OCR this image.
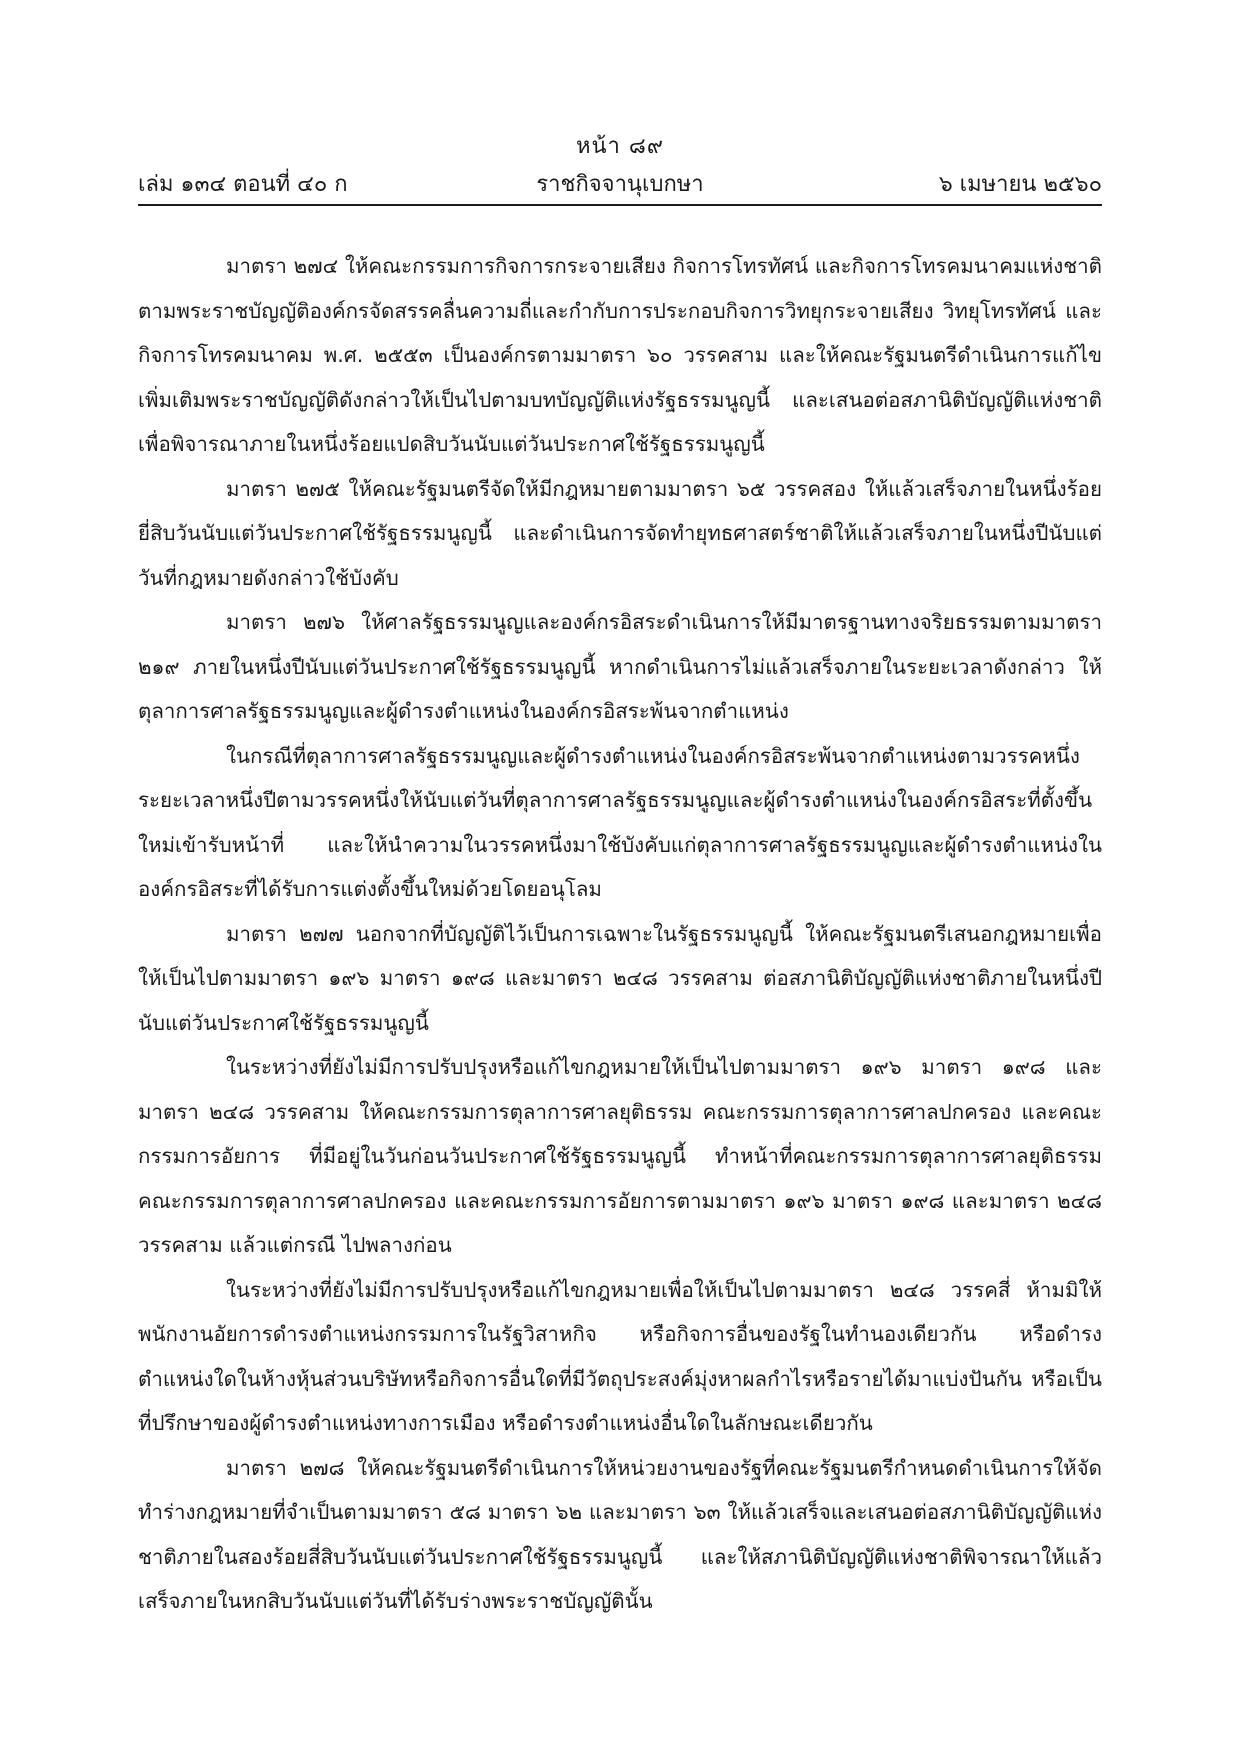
หน้า ๘๙
เล่ม ๑๓๔ ตอนที่ ๔๐ ก	ราชกิจจานุเบกษา	๖ เมษายน ๒๕๖๐

มาตรา ๒๗๔ ให้คณะกรรมการกิจการกระจายเสียง กิจการโทรทัศน์ และกิจการโทรคมนาคมแห่งชาติตามพระราชบัญญัติองค์กรจัดสรรคลื่นความถี่และกำกับการประกอบกิจการวิทยุกระจายเสียง วิทยุโทรทัศน์ และกิจการโทรคมนาคม พ.ศ. ๒๕๕๓ เป็นองค์กรตามมาตรา ๖๐ วรรคสาม และให้คณะรัฐมนตรีดำเนินการแก้ไขเพิ่มเติมพระราชบัญญัติดังกล่าวให้เป็นไปตามบทบัญญัติแห่งรัฐธรรมนูญนี้ และเสนอต่อสภานิติบัญญัติแห่งชาติเพื่อพิจารณาภายในหนึ่งร้อยแปดสิบวันนับแต่วันประกาศใช้รัฐธรรมนูญนี้

มาตรา ๒๗๕ ให้คณะรัฐมนตรีจัดให้มีกฎหมายตามมาตรา ๖๕ วรรคสอง ให้แล้วเสร็จภายในหนึ่งร้อยยี่สิบวันนับแต่วันประกาศใช้รัฐธรรมนูญนี้ และดำเนินการจัดทำยุทธศาสตร์ชาติให้แล้วเสร็จภายในหนึ่งปีนับแต่วันที่กฎหมายดังกล่าวใช้บังคับ

มาตรา ๒๗๖ ให้ศาลรัฐธรรมนูญและองค์กรอิสระดำเนินการให้มีมาตรฐานทางจริยธรรมตามมาตรา ๒๑๙ ภายในหนึ่งปีนับแต่วันประกาศใช้รัฐธรรมนูญนี้ หากดำเนินการไม่แล้วเสร็จภายในระยะเวลาดังกล่าว ให้ตุลาการศาลรัฐธรรมนูญและผู้ดำรงตำแหน่งในองค์กรอิสระพ้นจากตำแหน่ง

ในกรณีที่ตุลาการศาลรัฐธรรมนูญและผู้ดำรงตำแหน่งในองค์กรอิสระพ้นจากตำแหน่งตามวรรคหนึ่ง ระยะเวลาหนึ่งปีตามวรรคหนึ่งให้นับแต่วันที่ตุลาการศาลรัฐธรรมนูญและผู้ดำรงตำแหน่งในองค์กรอิสระที่ตั้งขึ้นใหม่เข้ารับหน้าที่ และให้นำความในวรรคหนึ่งมาใช้บังคับแก่ตุลาการศาลรัฐธรรมนูญและผู้ดำรงตำแหน่งในองค์กรอิสระที่ได้รับการแต่งตั้งขึ้นใหม่ด้วยโดยอนุโลม

มาตรา ๒๗๗ นอกจากที่บัญญัติไว้เป็นการเฉพาะในรัฐธรรมนูญนี้ ให้คณะรัฐมนตรีเสนอกฎหมายเพื่อให้เป็นไปตามมาตรา ๑๙๖ มาตรา ๑๙๘ และมาตรา ๒๔๘ วรรคสาม ต่อสภานิติบัญญัติแห่งชาติภายในหนึ่งปีนับแต่วันประกาศใช้รัฐธรรมนูญนี้

ในระหว่างที่ยังไม่มีการปรับปรุงหรือแก้ไขกฎหมายให้เป็นไปตามมาตรา ๑๙๖ มาตรา ๑๙๘ และมาตรา ๒๔๘ วรรคสาม ให้คณะกรรมการตุลาการศาลยุติธรรม คณะกรรมการตุลาการศาลปกครอง และคณะกรรมการอัยการ ที่มีอยู่ในวันก่อนวันประกาศใช้รัฐธรรมนูญนี้ ทำหน้าที่คณะกรรมการตุลาการศาลยุติธรรม คณะกรรมการตุลาการศาลปกครอง และคณะกรรมการอัยการตามมาตรา ๑๙๖ มาตรา ๑๙๘ และมาตรา ๒๔๘ วรรคสาม แล้วแต่กรณี ไปพลางก่อน

ในระหว่างที่ยังไม่มีการปรับปรุงหรือแก้ไขกฎหมายเพื่อให้เป็นไปตามมาตรา ๒๔๘ วรรคสี่ ห้ามมิให้พนักงานอัยการดำรงตำแหน่งกรรมการในรัฐวิสาหกิจ หรือกิจการอื่นของรัฐในทำนองเดียวกัน หรือดำรงตำแหน่งใดในห้างหุ้นส่วนบริษัทหรือกิจการอื่นใดที่มีวัตถุประสงค์มุ่งหาผลกำไรหรือรายได้มาแบ่งปันกัน หรือเป็นที่ปรึกษาของผู้ดำรงตำแหน่งทางการเมือง หรือดำรงตำแหน่งอื่นใดในลักษณะเดียวกัน

มาตรา ๒๗๘ ให้คณะรัฐมนตรีดำเนินการให้หน่วยงานของรัฐที่คณะรัฐมนตรีกำหนดดำเนินการให้จัดทำร่างกฎหมายที่จำเป็นตามมาตรา ๕๘ มาตรา ๖๒ และมาตรา ๖๓ ให้แล้วเสร็จและเสนอต่อสภานิติบัญญัติแห่งชาติภายในสองร้อยสี่สิบวันนับแต่วันประกาศใช้รัฐธรรมนูญนี้ และให้สภานิติบัญญัติแห่งชาติพิจารณาให้แล้วเสร็จภายในหกสิบวันนับแต่วันที่ได้รับร่างพระราชบัญญัตินั้น
